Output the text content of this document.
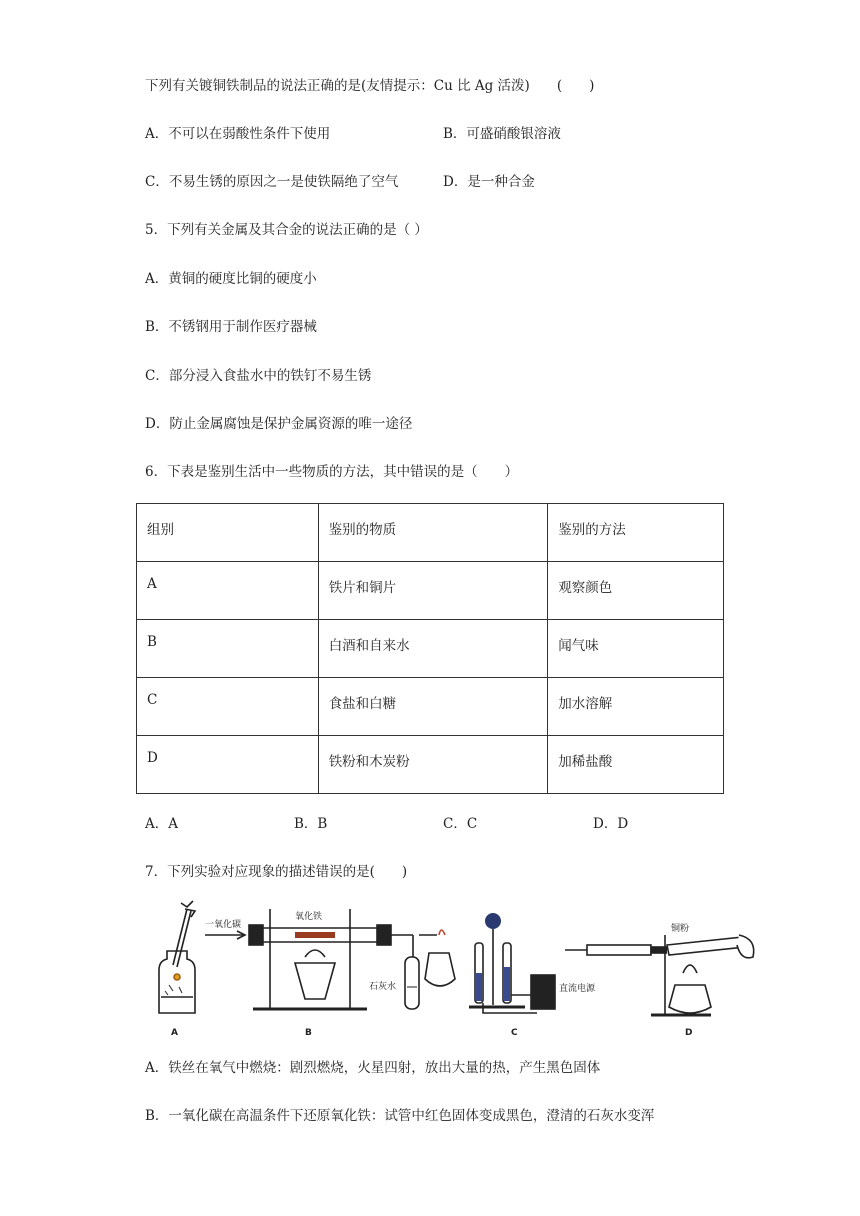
下列有关镀铜铁制品的说法正确的是(友情提示：Cu 比 Ag 活泼)　　(　　)
A．不可以在弱酸性条件下使用	B．可盛硝酸银溶液
C．不易生锈的原因之一是使铁隔绝了空气	D．是一种合金
5．下列有关金属及其合金的说法正确的是（ ）
A．黄铜的硬度比铜的硬度小
B．不锈钢用于制作医疗器械
C．部分浸入食盐水中的铁钉不易生锈
D．防止金属腐蚀是保护金属资源的唯一途径
6．下表是鉴别生活中一些物质的方法，其中错误的是（　　）
组别	鉴别的物质	鉴别的方法
A	铁片和铜片	观察颜色
B	白酒和自来水	闻气味
C	食盐和白糖	加水溶解
D	铁粉和木炭粉	加稀盐酸
A．A	B．B	C．C	D．D
7．下列实验对应现象的描述错误的是(　　)
A	B	C	D
一氧化碳
氧化铁
石灰水	直流电源
铜粉
A．铁丝在氧气中燃烧：剧烈燃烧，火星四射，放出大量的热，产生黑色固体
B．一氧化碳在高温条件下还原氧化铁：试管中红色固体变成黑色，澄清的石灰水变浑
